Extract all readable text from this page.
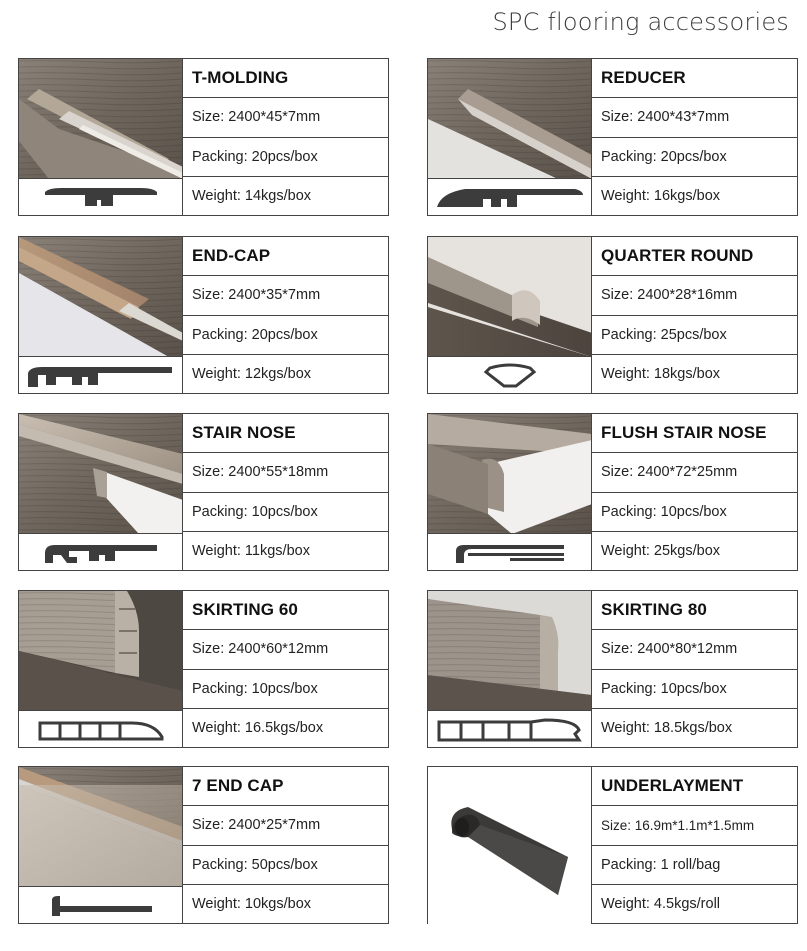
SPC flooring accessories
T-MOLDING
Size: 2400*45*7mm
Packing: 20pcs/box
Weight: 14kgs/box
REDUCER
Size: 2400*43*7mm
Packing: 20pcs/box
Weight: 16kgs/box
END-CAP
Size: 2400*35*7mm
Packing: 20pcs/box
Weight: 12kgs/box
QUARTER ROUND
Size: 2400*28*16mm
Packing: 25pcs/box
Weight: 18kgs/box
STAIR NOSE
Size: 2400*55*18mm
Packing: 10pcs/box
Weight: 11kgs/box
FLUSH STAIR NOSE
Size: 2400*72*25mm
Packing: 10pcs/box
Weight: 25kgs/box
SKIRTING 60
Size: 2400*60*12mm
Packing: 10pcs/box
Weight: 16.5kgs/box
SKIRTING 80
Size: 2400*80*12mm
Packing: 10pcs/box
Weight: 18.5kgs/box
7 END CAP
Size: 2400*25*7mm
Packing: 50pcs/box
Weight: 10kgs/box
UNDERLAYMENT
Size: 16.9m*1.1m*1.5mm
Packing: 1 roll/bag
Weight: 4.5kgs/roll
